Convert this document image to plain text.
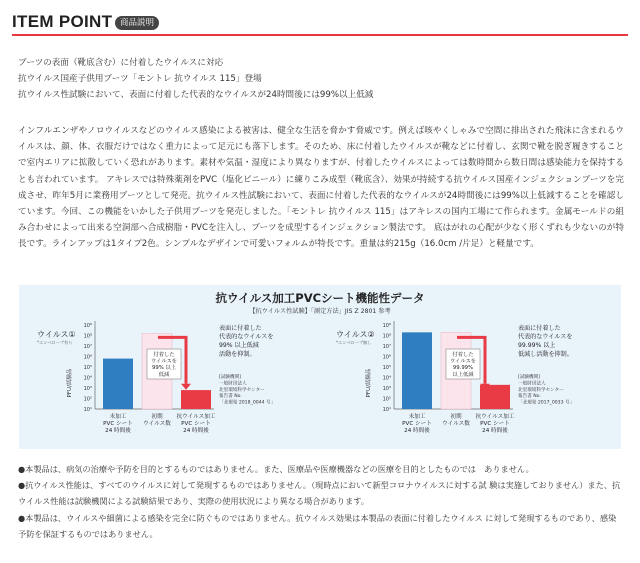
ITEM POINT 商品説明

ブーツの表面（靴底含む）に付着したウイルスに対応

抗ウイルス国産子供用ブーツ「モントレ 抗ウイルス 115」登場

抗ウイルス性試験において、表面に付着した代表的なウイルスが24時間後には99%以上低減

インフルエンザやノロウイルスなどのウイルス感染による被害は、健全な生活を脅かす脅威です。例えば咳やくしゃみで空間に排出された飛沫に含まれるウイルスは、顔、体、衣服だけではなく重力によって足元にも落下します。そのため、床に付着したウイルスが靴などに付着し、玄関で靴を脱ぎ履きすることで室内エリアに拡散していく恐れがあります。素材や気温・湿度により異なりますが、付着したウイルスによっては数時間から数日間は感染能力を保持するとも言われています。 アキレスでは特殊薬剤をPVC（塩化ビニール）に練りこみ成型（靴底含）、効果が持続する抗ウイルス国産インジェクションブーツを完成させ、昨年5月に業務用ブーツとして発売。抗ウイルス性試験において、表面に付着した代表的なウイルスが24時間後には99%以上低減することを確認しています。今回、この機能をいかした子供用ブーツを発売しました。「モントレ 抗ウイルス 115」はアキレスの国内工場にて作られます。金属モールドの組み合わせによって出来る空洞部へ合成樹脂・PVCを注入し、ブーツを成型するインジェクション製法です。 底はがれの心配が少なく形くずれも少ないのが特長です。ラインアップは1タイプ2色。シンプルなデザインで可愛いフォルムが特長です。重量は約215g（16.0cm /片足）と軽量です。
抗ウイルス加工PVCシート機能性データ
【抗ウイルス性試験】「測定方法」JIS Z 2801 参考
ウイルス①
*エンベロープ有り
PFU/試験品
10⁹
10⁸
10⁷
10⁶
10⁵
10⁴
10³
10²
10¹
未加工
PVC シート
24 時間後
初期
ウイルス数
抗ウイルス加工
PVC シート
24 時間後
付着した
ウイルスを
99% 以上
低減
表面に付着した
代表的なウイルスを
99% 以上低減
活動を抑制。
[試験機関]
一般財団法人
北里環境科学センター
報告書 No.
「北環発 2018_0044 号」
ウイルス②
*エンベロープ無し
PFU/試験品
10⁹
10⁸
10⁷
10⁶
10⁵
10⁴
10³
10²
10¹
未加工
PVC シート
24 時間後
初期
ウイルス数
抗ウイルス加工
PVC シート
24 時間後
付着した
ウイルスを
99.99%
以上低減
表面に付着した
代表的なウイルスを
99.99% 以上
低減し活動を抑制。
[試験機関]
一般財団法人
北里環境科学センター
報告書 No.
「北環発 2017_0033 号」

●本製品は、病気の治療や予防を目的とするものではありません。また、医療品や医療機器などの医療を目的としたものでは　ありません。

●抗ウイルス性能は、すべてのウイルスに対して発現するものではありません。（現時点において新型コロナウイルスに対する試 験は実施しておりません）また、抗ウイルス性能は試験機関による試験結果であり、実際の使用状況により異なる場合があります。

●本製品は、ウイルスや細菌による感染を完全に防ぐものではありません。抗ウイルス効果は本製品の表面に付着したウイルス に対して発現するものであり、感染予防を保証するものではありません。
